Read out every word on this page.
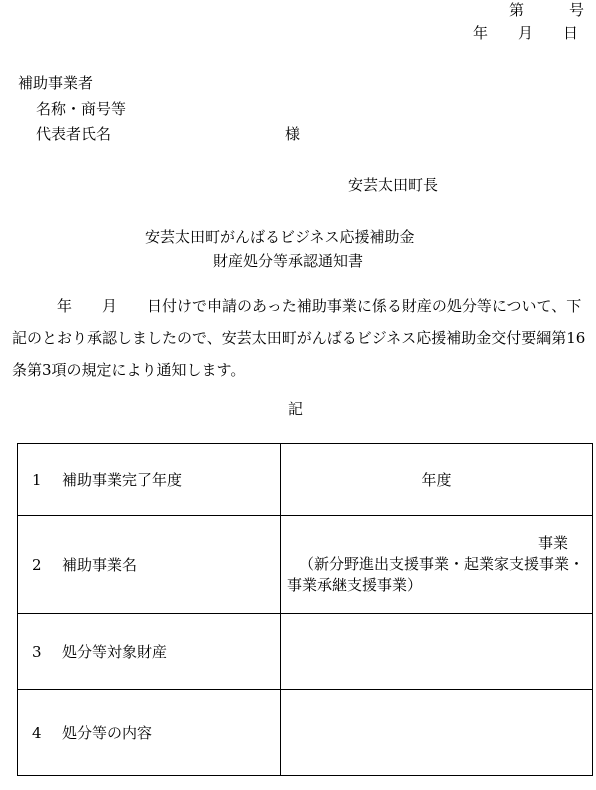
第　　　号
年　　月　　日
補助事業者
名称・商号等
代表者氏名	様
安芸太田町長
安芸太田町がんばるビジネス応援補助金
財産処分等承認通知書

　　　年　　月　　日付けで申請のあった補助事業に係る財産の処分等について、下記のとおり承認しましたので、安芸太田町がんばるビジネス応援補助金交付要綱第16条第3項の規定により通知します。

記
1 補助事業完了年度	年度
2 補助事業名	事業
（新分野進出支援事業・起業家支援事業・
事業承継支援事業）

3 処分等対象財産	
4 処分等の内容	
